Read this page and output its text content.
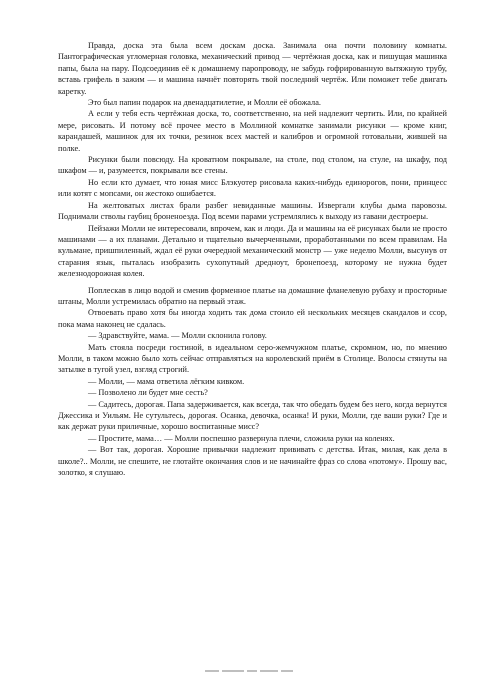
Правда, доска эта была всем доскам доска. Занимала она почти половину комнаты. Пантографическая угломерная головка, механический привод — чертёжная доска, как и пишущая машинка папы, была на пару. Подсоединив её к домашнему паропроводу, не забудь гофрированную вытяжную трубу, вставь грифель в зажим — и машина начнёт повторять твой последний чертёж. Или поможет тебе двигать каретку.

Это был папин подарок на двенадцатилетие, и Молли её обожала.

А если у тебя есть чертёжная доска, то, соответственно, на ней надлежит чертить. Или, по крайней мере, рисовать. И потому всё прочее место в Моллиной комнатке занимали рисунки — кроме книг, карандашей, машинок для их точки, резинок всех мастей и калибров и огромной готовальни, жившей на полке.

Рисунки были повсюду. На кроватном покрывале, на столе, под столом, на стуле, на шкафу, под шкафом — и, разумеется, покрывали все стены.

Но если кто думает, что юная мисс Блэкуотер рисовала каких-нибудь единорогов, пони, принцесс или котят с мопсами, он жестоко ошибается.

На желтоватых листах брали разбег невиданные машины. Извергали клубы дыма паровозы. Поднимали стволы гаубиц броненоезда. Под всеми парами устремлялись к выходу из гавани дестроеры.

Пейзажи Молли не интересовали, впрочем, как и люди. Да и машины на её рисунках были не просто машинами — а их планами. Детально и тщательно вычерченными, проработанными по всем правилам. На кульмане, пришпиленный, ждал её руки очередной механический монстр — уже неделю Молли, высунув от старания язык, пыталась изобразить сухопутный дредноут, бронепоезд, которому не нужна будет железнодорожная колея.

Поплескав в лицо водой и сменив форменное платье на домашние фланелевую рубаху и просторные штаны, Молли устремилась обратно на первый этаж.

Отвоевать право хотя бы иногда ходить так дома стоило ей нескольких месяцев скандалов и ссор, пока мама наконец не сдалась.

— Здравствуйте, мама. — Молли склонила голову.

Мать стояла посреди гостиной, в идеальном серо-жемчужном платье, скромном, но, по мнению Молли, в таком можно было хоть сейчас отправляться на королевский приём в Столице. Волосы стянуты на затылке в тугой узел, взгляд строгий.

— Молли, — мама ответила лёгким кивком.

— Позволено ли будет мне сесть?

— Садитесь, дорогая. Папа задерживается, как всегда, так что обедать будем без него, когда вернутся Джессика и Уильям. Не сутультесь, дорогая. Осанка, девочка, осанка! И руки, Молли, где ваши руки? Где и как держат руки приличные, хорошо воспитанные мисс?

— Простите, мама… — Молли поспешно развернула плечи, сложила руки на коленях.

— Вот так, дорогая. Хорошие привычки надлежит прививать с детства. Итак, милая, как дела в школе?.. Молли, не спешите, не глотайте окончания слов и не начинайте фраз со слова «потому». Прошу вас, золотко, я слушаю.
